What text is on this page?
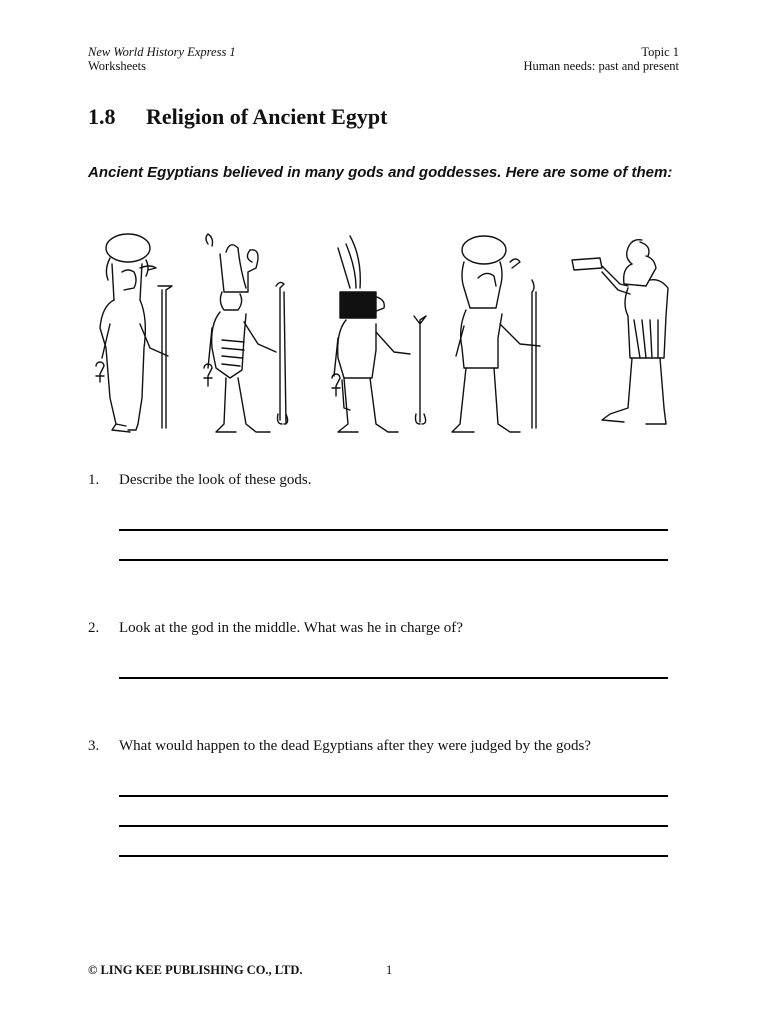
New World History Express 1
Worksheets
Topic 1
Human needs: past and present
1.8 Religion of Ancient Egypt

Ancient Egyptians believed in many gods and goddesses. Here are some of them:

1. Describe the look of these gods.
2. Look at the god in the middle. What was he in charge of?
3. What would happen to the dead Egyptians after they were judged by the gods?
© LING KEE PUBLISHING CO., LTD.	1
